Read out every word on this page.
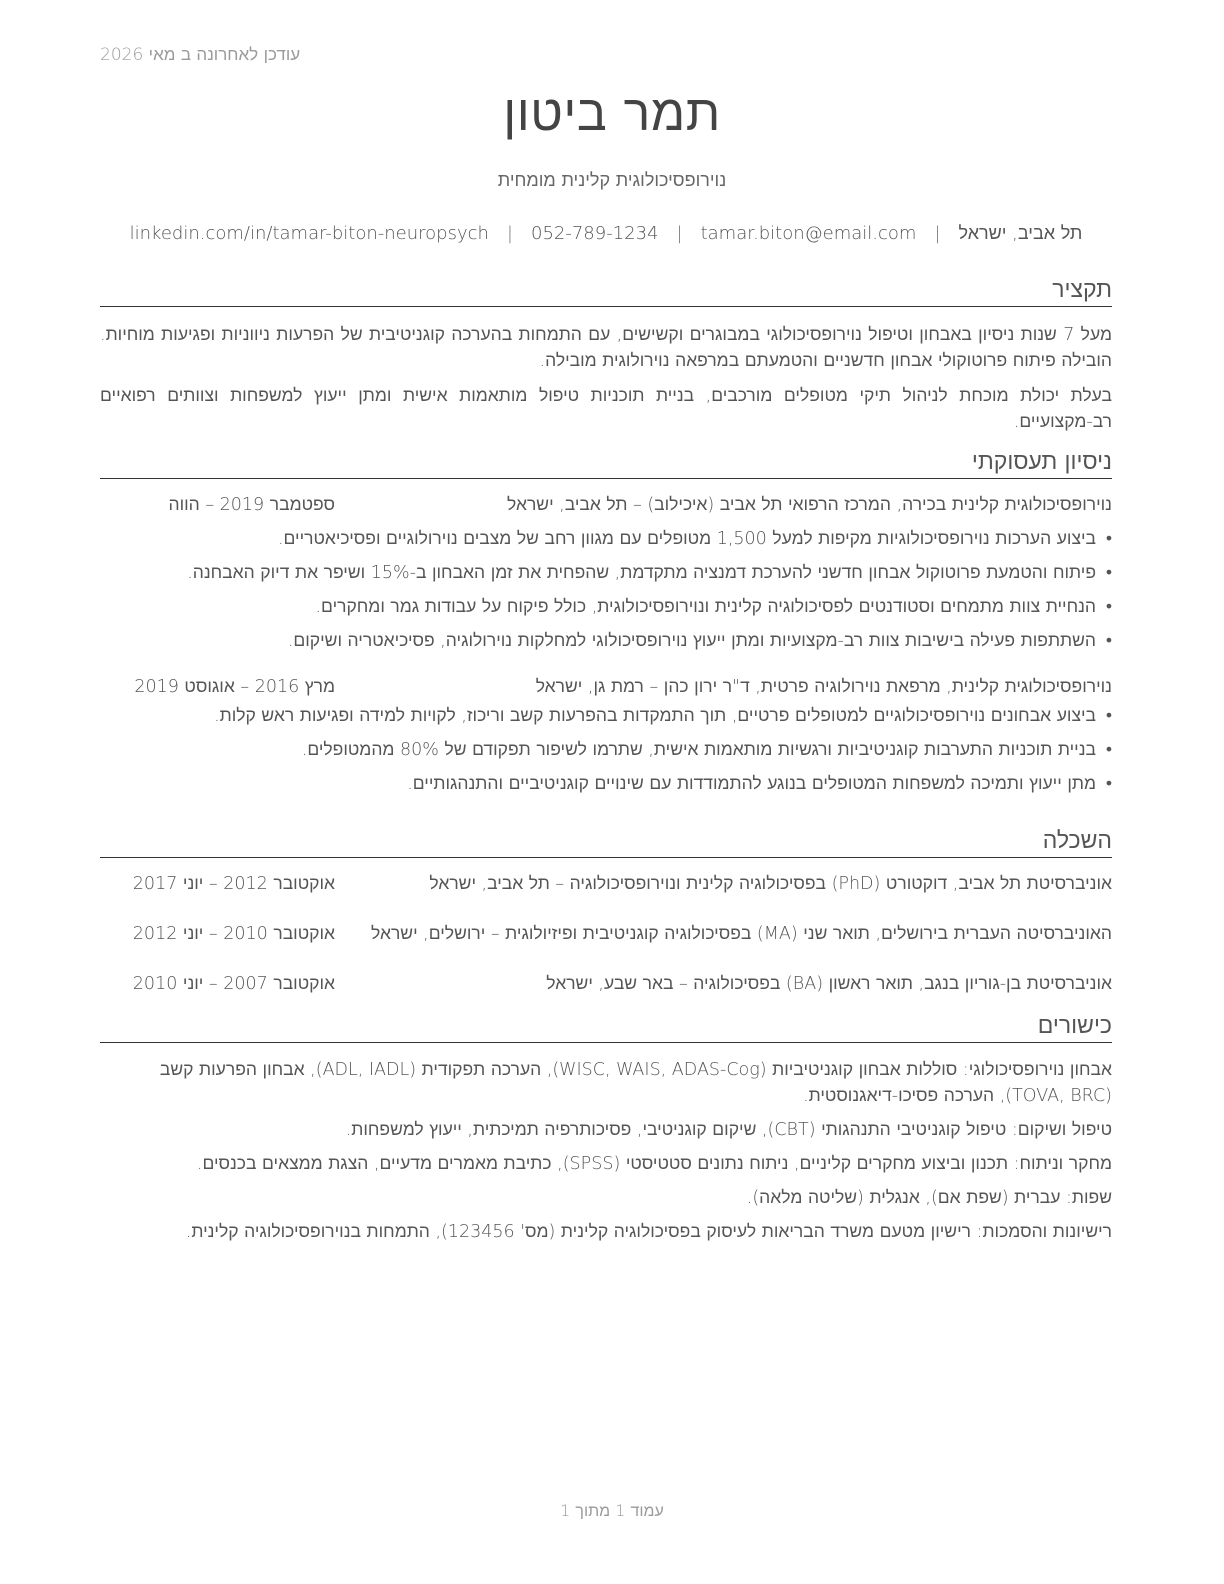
עודכן לאחרונה ב מאי 2026
תמר ביטון
נוירופסיכולוגית קלינית מומחית
תל אביב, ישראל
|
tamar.biton@email.com
|
052-789-1234
|
linkedin.com/in/tamar-biton-neuropsych
תקציר

מעל 7 שנות ניסיון באבחון וטיפול נוירופסיכולוגי במבוגרים וקשישים, עם התמחות בהערכה קוגניטיבית של הפרעות ניווניות ופגיעות מוחיות. הובילה פיתוח פרוטוקולי אבחון חדשניים והטמעתם במרפאה נוירולוגית מובילה.

בעלת יכולת מוכחת לניהול תיקי מטופלים מורכבים, בניית תוכניות טיפול מותאמות אישית ומתן ייעוץ למשפחות וצוותים רפואיים רב-מקצועיים.

ניסיון תעסוקתי
נוירופסיכולוגית קלינית בכירה, המרכז הרפואי תל אביב (איכילוב) – תל אביב, ישראל
ספטמבר 2019 – הווה
•
ביצוע הערכות נוירופסיכולוגיות מקיפות למעל 1,500 מטופלים עם מגוון רחב של מצבים נוירולוגיים ופסיכיאטריים.
•
פיתוח והטמעת פרוטוקול אבחון חדשני להערכת דמנציה מתקדמת, שהפחית את זמן האבחון ב-15% ושיפר את דיוק האבחנה.
•
הנחיית צוות מתמחים וסטודנטים לפסיכולוגיה קלינית ונוירופסיכולוגית, כולל פיקוח על עבודות גמר ומחקרים.
•
השתתפות פעילה בישיבות צוות רב-מקצועיות ומתן ייעוץ נוירופסיכולוגי למחלקות נוירולוגיה, פסיכיאטריה ושיקום.
נוירופסיכולוגית קלינית, מרפאת נוירולוגיה פרטית, ד"ר ירון כהן – רמת גן, ישראל
מרץ 2016 – אוגוסט 2019
•
ביצוע אבחונים נוירופסיכולוגיים למטופלים פרטיים, תוך התמקדות בהפרעות קשב וריכוז, לקויות למידה ופגיעות ראש קלות.
•
בניית תוכניות התערבות קוגניטיביות ורגשיות מותאמות אישית, שתרמו לשיפור תפקודם של 80% מהמטופלים.
•
מתן ייעוץ ותמיכה למשפחות המטופלים בנוגע להתמודדות עם שינויים קוגניטיביים והתנהגותיים.
השכלה
אוניברסיטת תל אביב, דוקטורט (PhD) בפסיכולוגיה קלינית ונוירופסיכולוגיה – תל אביב, ישראל
אוקטובר 2012 – יוני 2017
האוניברסיטה העברית בירושלים, תואר שני (MA) בפסיכולוגיה קוגניטיבית ופיזיולוגית – ירושלים, ישראל
אוקטובר 2010 – יוני 2012
אוניברסיטת בן-גוריון בנגב, תואר ראשון (BA) בפסיכולוגיה – באר שבע, ישראל
אוקטובר 2007 – יוני 2010
כישורים

אבחון נוירופסיכולוגי: סוללות אבחון קוגניטיביות (WISC, WAIS, ADAS-Cog), הערכה תפקודית (ADL, IADL), אבחון הפרעות קשב (TOVA, BRC), הערכה פסיכו-דיאגנוסטית.

טיפול ושיקום: טיפול קוגניטיבי התנהגותי (CBT), שיקום קוגניטיבי, פסיכותרפיה תמיכתית, ייעוץ למשפחות.

מחקר וניתוח: תכנון וביצוע מחקרים קליניים, ניתוח נתונים סטטיסטי (SPSS), כתיבת מאמרים מדעיים, הצגת ממצאים בכנסים.

שפות: עברית (שפת אם), אנגלית (שליטה מלאה).

רישיונות והסמכות: רישיון מטעם משרד הבריאות לעיסוק בפסיכולוגיה קלינית (מס' 123456), התמחות בנוירופסיכולוגיה קלינית.

עמוד 1 מתוך 1
